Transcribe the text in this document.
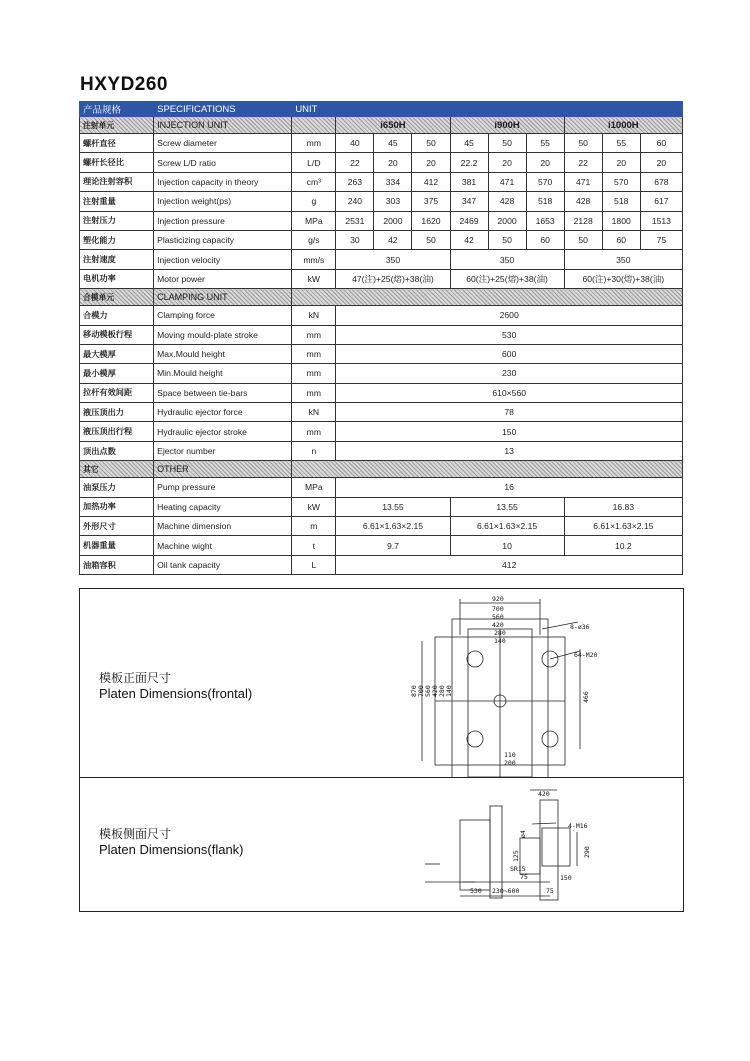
HXYD260
产品规格	SPECIFICATIONS	UNIT									
注射单元	INJECTION UNIT		i650H			i900H			i1000H		
螺杆直径	Screw diameter	mm	40	45	50	45	50	55	50	55	60
螺杆长径比	Screw L/D ratio	L/D	22	20	20	22.2	20	20	22	20	20
理论注射容积	Injection capacity in theory	cm³	263	334	412	381	471	570	471	570	678
注射重量	Injection weight(ps)	g	240	303	375	347	428	518	428	518	617
注射压力	Injection pressure	MPa	2531	2000	1620	2469	2000	1653	2128	1800	1513
塑化能力	Plasticizing capacity	g/s	30	42	50	42	50	60	50	60	75
注射速度	Injection velocity	mm/s	350			350			350		
电机功率	Motor power	kW	47(注)+25(熔)+38(油)			60(注)+25(熔)+38(油)			60(注)+30(熔)+38(油)		
合模单元	CLAMPING UNIT										
合模力	Clamping force	kN	2600								
移动模板行程	Moving mould-plate stroke	mm	530								
最大模厚	Max.Mould height	mm	600								
最小模厚	Min.Mould height	mm	230								
拉杆有效间距	Space between tie-bars	mm	610×560								
液压顶出力	Hydraulic ejector force	kN	78								
液压顶出行程	Hydraulic ejector stroke	mm	150								
顶出点数	Ejector number	n	13								
其它	OTHER										
油泵压力	Pump pressure	MPa	16								
加热功率	Heating capacity	kW	13.55			13.55			16.83		
外形尺寸	Machine dimension	m	6.61×1.63×2.15			6.61×1.63×2.15			6.61×1.63×2.15		
机器重量	Machine wight	t	9.7			10			10.2		
油箱容积	Oil tank capacity	L	412								
模板正面尺寸
Platen Dimensions(frontal)
920
700
560
420
280
140
8-ø36
64-M20
870 700 560 420 280 140
466
200
110
模板侧面尺寸
Platen Dimensions(flank)
420
4-M16
ø4
125
SR15
290
75	150
530 230~600	75
